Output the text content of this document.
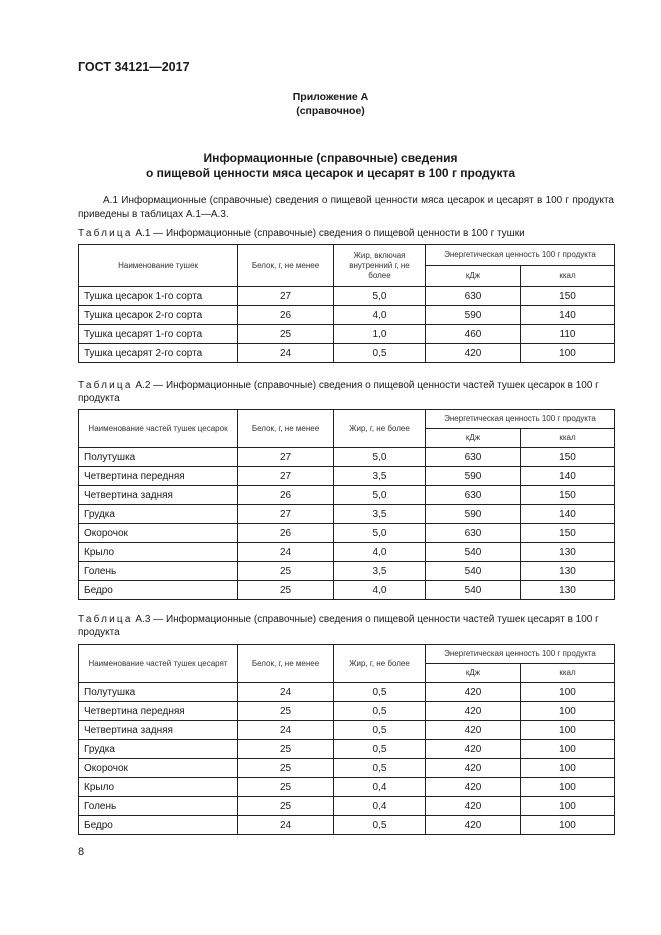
ГОСТ 34121—2017
Приложение А
(справочное)
Информационные (справочные) сведения
о пищевой ценности мяса цесарок и цесарят в 100 г продукта
А.1 Информационные (справочные) сведения о пищевой ценности мяса цесарок и цесарят в 100 г продукта приведены в таблицах А.1—А.3.
Таблица А.1 — Информационные (справочные) сведения о пищевой ценности в 100 г тушки
Наименование тушек	Белок, г, не менее	Жир, включая внутренний г, не более	Энергетическая ценность 100 г продукта	
			кДж	ккал
Тушка цесарок 1-го сорта	27	5,0	630	150
Тушка цесарок 2-го сорта	26	4,0	590	140
Тушка цесарят 1-го сорта	25	1,0	460	110
Тушка цесарят 2-го сорта	24	0,5	420	100
Таблица А.2 — Информационные (справочные) сведения о пищевой ценности частей тушек цесарок в 100 г продукта
Наименование частей тушек цесарок	Белок, г, не менее	Жир, г, не более	Энергетическая ценность 100 г продукта	
			кДж	ккал
Полутушка	27	5,0	630	150
Четвертина передняя	27	3,5	590	140
Четвертина задняя	26	5,0	630	150
Грудка	27	3,5	590	140
Окорочок	26	5,0	630	150
Крыло	24	4,0	540	130
Голень	25	3,5	540	130
Бедро	25	4,0	540	130
Таблица А.3 — Информационные (справочные) сведения о пищевой ценности частей тушек цесарят в 100 г продукта
Наименование частей тушек цесарят	Белок, г, не менее	Жир, г, не более	Энергетическая ценность 100 г продукта	
			кДж	ккал
Полутушка	24	0,5	420	100
Четвертина передняя	25	0,5	420	100
Четвертина задняя	24	0,5	420	100
Грудка	25	0,5	420	100
Окорочок	25	0,5	420	100
Крыло	25	0,4	420	100
Голень	25	0,4	420	100
Бедро	24	0,5	420	100
8
